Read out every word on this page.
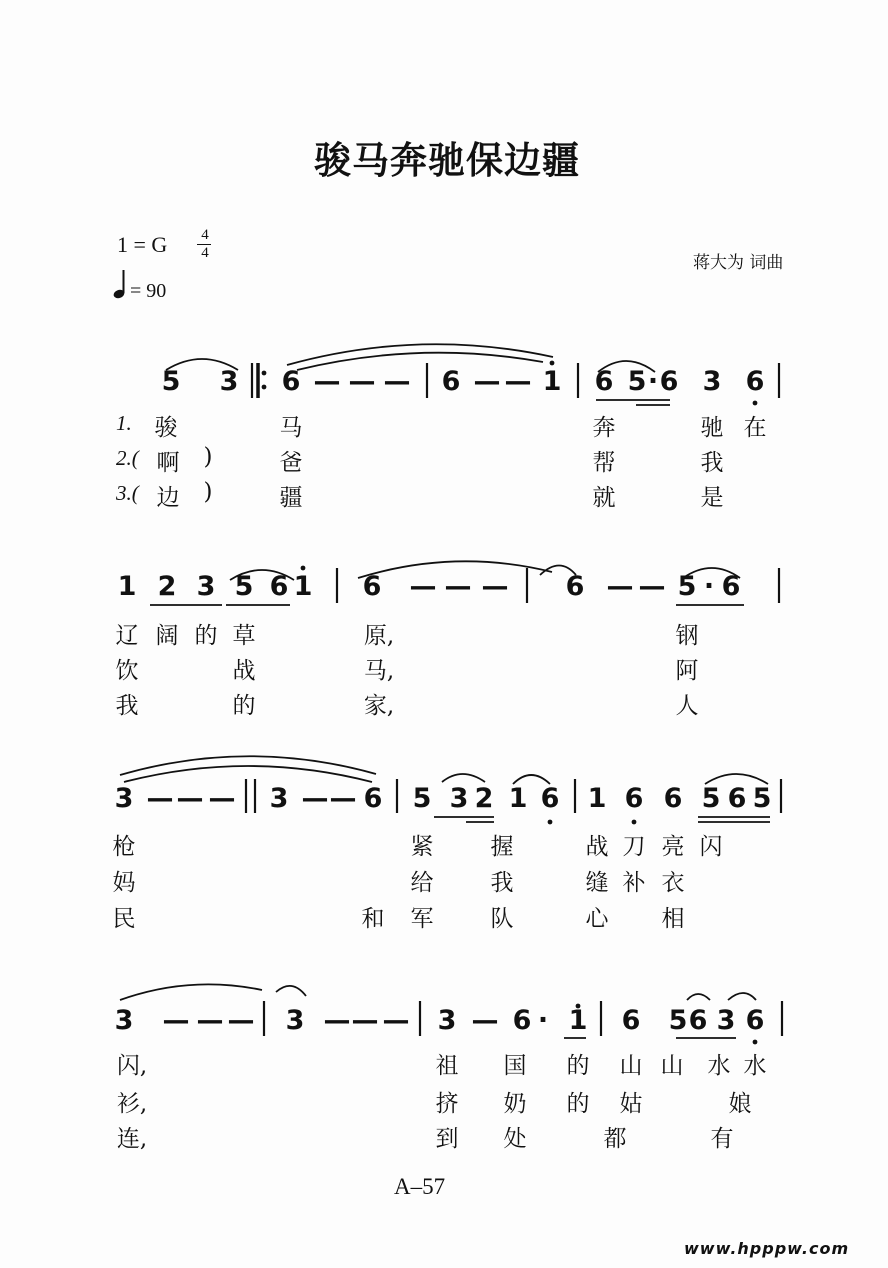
骏马奔驰保边疆
1 = G 4
4
= 90
蒋大为 词曲
5 3 6 — — — 6 — — 1 6 5 · 6 3 6
1. 骏	马	奔	驰 在
2.( 啊 )	爸	帮	我
3.( 边 )	疆	就	是
1 2 3 5 6 1 6 — — — 6 — — 5 · 6
辽 阔 的 草	原,	钢
饮	战	马,	阿
我	的	家,	人
3 — — — 3 — — 6 5 3 2 1 6 1 6 6 5 6 5
枪	紧 握	战 刀 亮 闪
妈	给 我	缝 补 衣
民	和 军 队	心 相
3 — — — 3 — — — 3 — 6 · 1 6 5 6 3 6
闪,	祖 国 的 山 山 水 水
衫,	挤 奶 的 姑	娘
连,	到 处	都	有
A–57
www.hpppw.com
